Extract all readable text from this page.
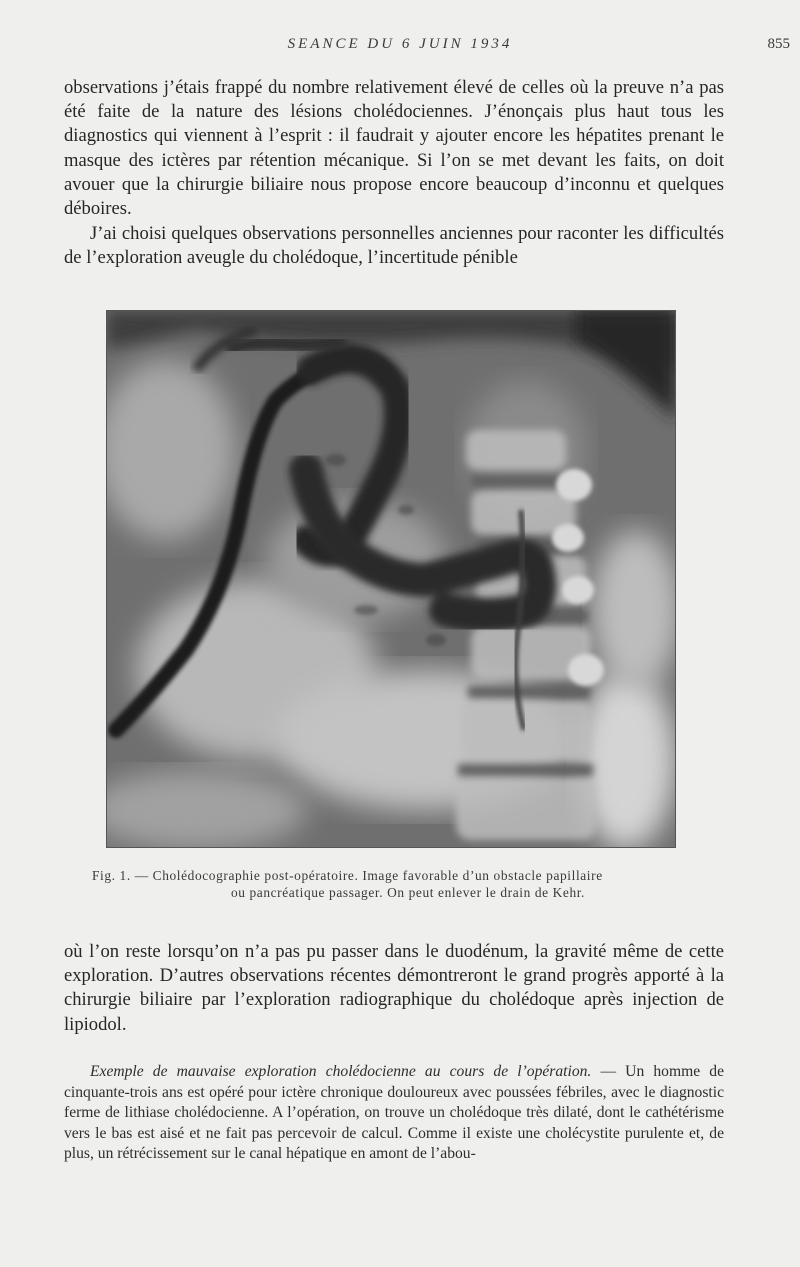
SEANCE DU 6 JUIN 1934	855

observations j’étais frappé du nombre relativement élevé de celles où la preuve n’a pas été faite de la nature des lésions cholédociennes. J’énonçais plus haut tous les diagnostics qui viennent à l’esprit : il faudrait y ajouter encore les hépatites prenant le masque des ictères par rétention mécanique. Si l’on se met devant les faits, on doit avouer que la chirurgie biliaire nous propose encore beaucoup d’inconnu et quelques déboires.

J’ai choisi quelques observations personnelles anciennes pour raconter les difficultés de l’exploration aveugle du cholédoque, l’incertitude pénible

Fig. 1. — Cholédocographie post-opératoire. Image favorable d’un obstacle papillaire
ou pancréatique passager. On peut enlever le drain de Kehr.

où l’on reste lorsqu’on n’a pas pu passer dans le duodénum, la gravité même de cette exploration. D’autres observations récentes démontreront le grand progrès apporté à la chirurgie biliaire par l’exploration radiographique du cholédoque après injection de lipiodol.

Exemple de mauvaise exploration cholédocienne au cours de l’opération. — Un homme de cinquante-trois ans est opéré pour ictère chronique douloureux avec poussées fébriles, avec le diagnostic ferme de lithiase cholédocienne. A l’opération, on trouve un cholédoque très dilaté, dont le cathétérisme vers le bas est aisé et ne fait pas percevoir de calcul. Comme il existe une cholécystite purulente et, de plus, un rétrécissement sur le canal hépatique en amont de l’abou-
